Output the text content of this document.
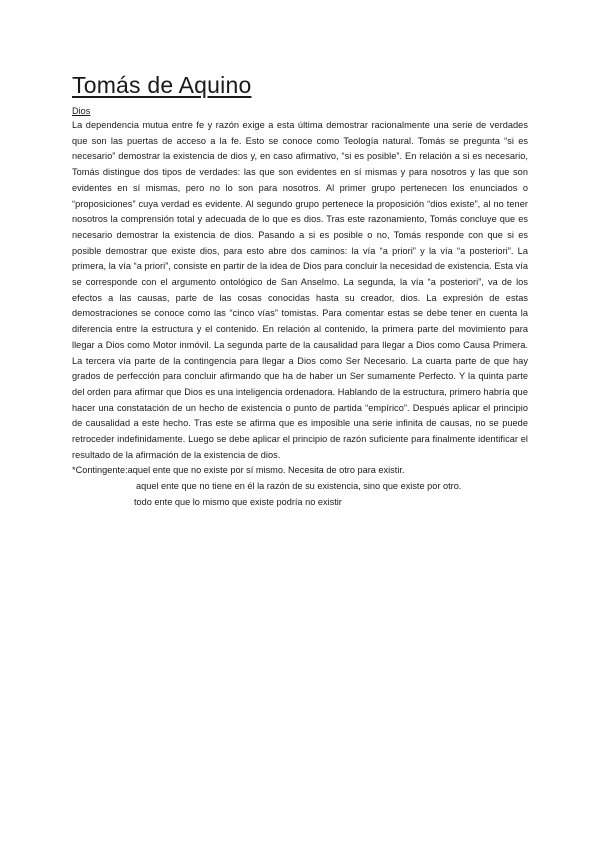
Tomás de Aquino
Dios

La dependencia mutua entre fe y razón exige a esta última demostrar racionalmente una serie de verdades que son las puertas de acceso a la fe. Esto se conoce como Teología natural. Tomás se pregunta “si es necesario” demostrar la existencia de dios y, en caso afirmativo, “si es posible”. En relación a si es necesario, Tomás distingue dos tipos de verdades: las que son evidentes en sí mismas y para nosotros y las que son evidentes en sí mismas, pero no lo son para nosotros. Al primer grupo pertenecen los enunciados o “proposiciones” cuya verdad es evidente. Al segundo grupo pertenece la proposición “dios existe”, al no tener nosotros la comprensión total y adecuada de lo que es dios. Tras este razonamiento, Tomás concluye que es necesario demostrar la existencia de dios. Pasando a si es posible o no, Tomás responde con que si es posible demostrar que existe dios, para esto abre dos caminos: la vía “a priori” y la vía “a posteriori”. La primera, la vía “a priori”, consiste en partir de la idea de Dios para concluir la necesidad de existencia. Esta vía se corresponde con el argumento ontológico de San Anselmo. La segunda, la vía “a posteriori”, va de los efectos a las causas, parte de las cosas conocidas hasta su creador, dios. La expresión de estas demostraciones se conoce como las “cinco vías” tomistas. Para comentar estas se debe tener en cuenta la diferencia entre la estructura y el contenido. En relación al contenido, la primera parte del movimiento para llegar a Dios como Motor inmóvil. La segunda parte de la causalidad para llegar a Dios como Causa Primera. La tercera vía parte de la contingencia para llegar a Dios como Ser Necesario. La cuarta parte de que hay grados de perfección para concluir afirmando que ha de haber un Ser sumamente Perfecto. Y la quinta parte del orden para afirmar que Dios es una inteligencia ordenadora. Hablando de la estructura, primero habría que hacer una constatación de un hecho de existencia o punto de partida “empírico”. Después aplicar el principio de causalidad a este hecho. Tras este se afirma que es imposible una serie infinita de causas, no se puede retroceder indefinidamente. Luego se debe aplicar el principio de razón suficiente para finalmente identificar el resultado de la afirmación de la existencia de dios.

*Contingente:aquel ente que no existe por sí mismo. Necesita de otro para existir.
aquel ente que no tiene en él la razón de su existencia, sino que existe por otro.
todo ente que lo mismo que existe podría no existir
